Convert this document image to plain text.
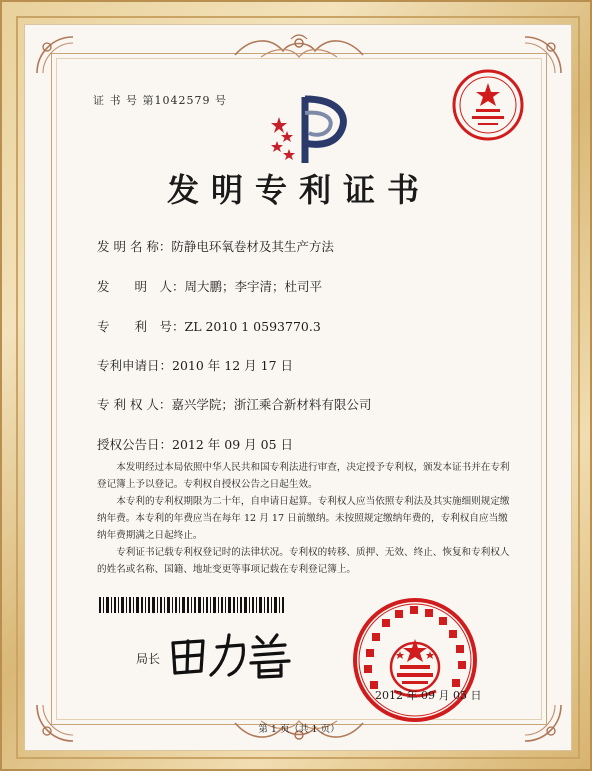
证 书 号 第1042579 号
发明专利证书
发 明 名 称：防静电环氧卷材及其生产方法
发　　明　人：周大鹏；李宇清；杜司平
专　　利　号：ZL 2010 1 0593770.3
专利申请日：2010 年 12 月 17 日
专 利 权 人：嘉兴学院；浙江乘合新材料有限公司
授权公告日：2012 年 09 月 05 日

本发明经过本局依照中华人民共和国专利法进行审查，决定授予专利权，颁发本证书并在专利登记簿上予以登记。专利权自授权公告之日起生效。

本专利的专利权期限为二十年，自申请日起算。专利权人应当依照专利法及其实施细则规定缴纳年费。本专利的年费应当在每年 12 月 17 日前缴纳。未按照规定缴纳年费的，专利权自应当缴纳年费期满之日起终止。

专利证书记载专利权登记时的法律状况。专利权的转移、质押、无效、终止、恢复和专利权人的姓名或名称、国籍、地址变更等事项记载在专利登记簿上。

局长
2012 年 09 月 05 日
第 1 页（共 1 页）
